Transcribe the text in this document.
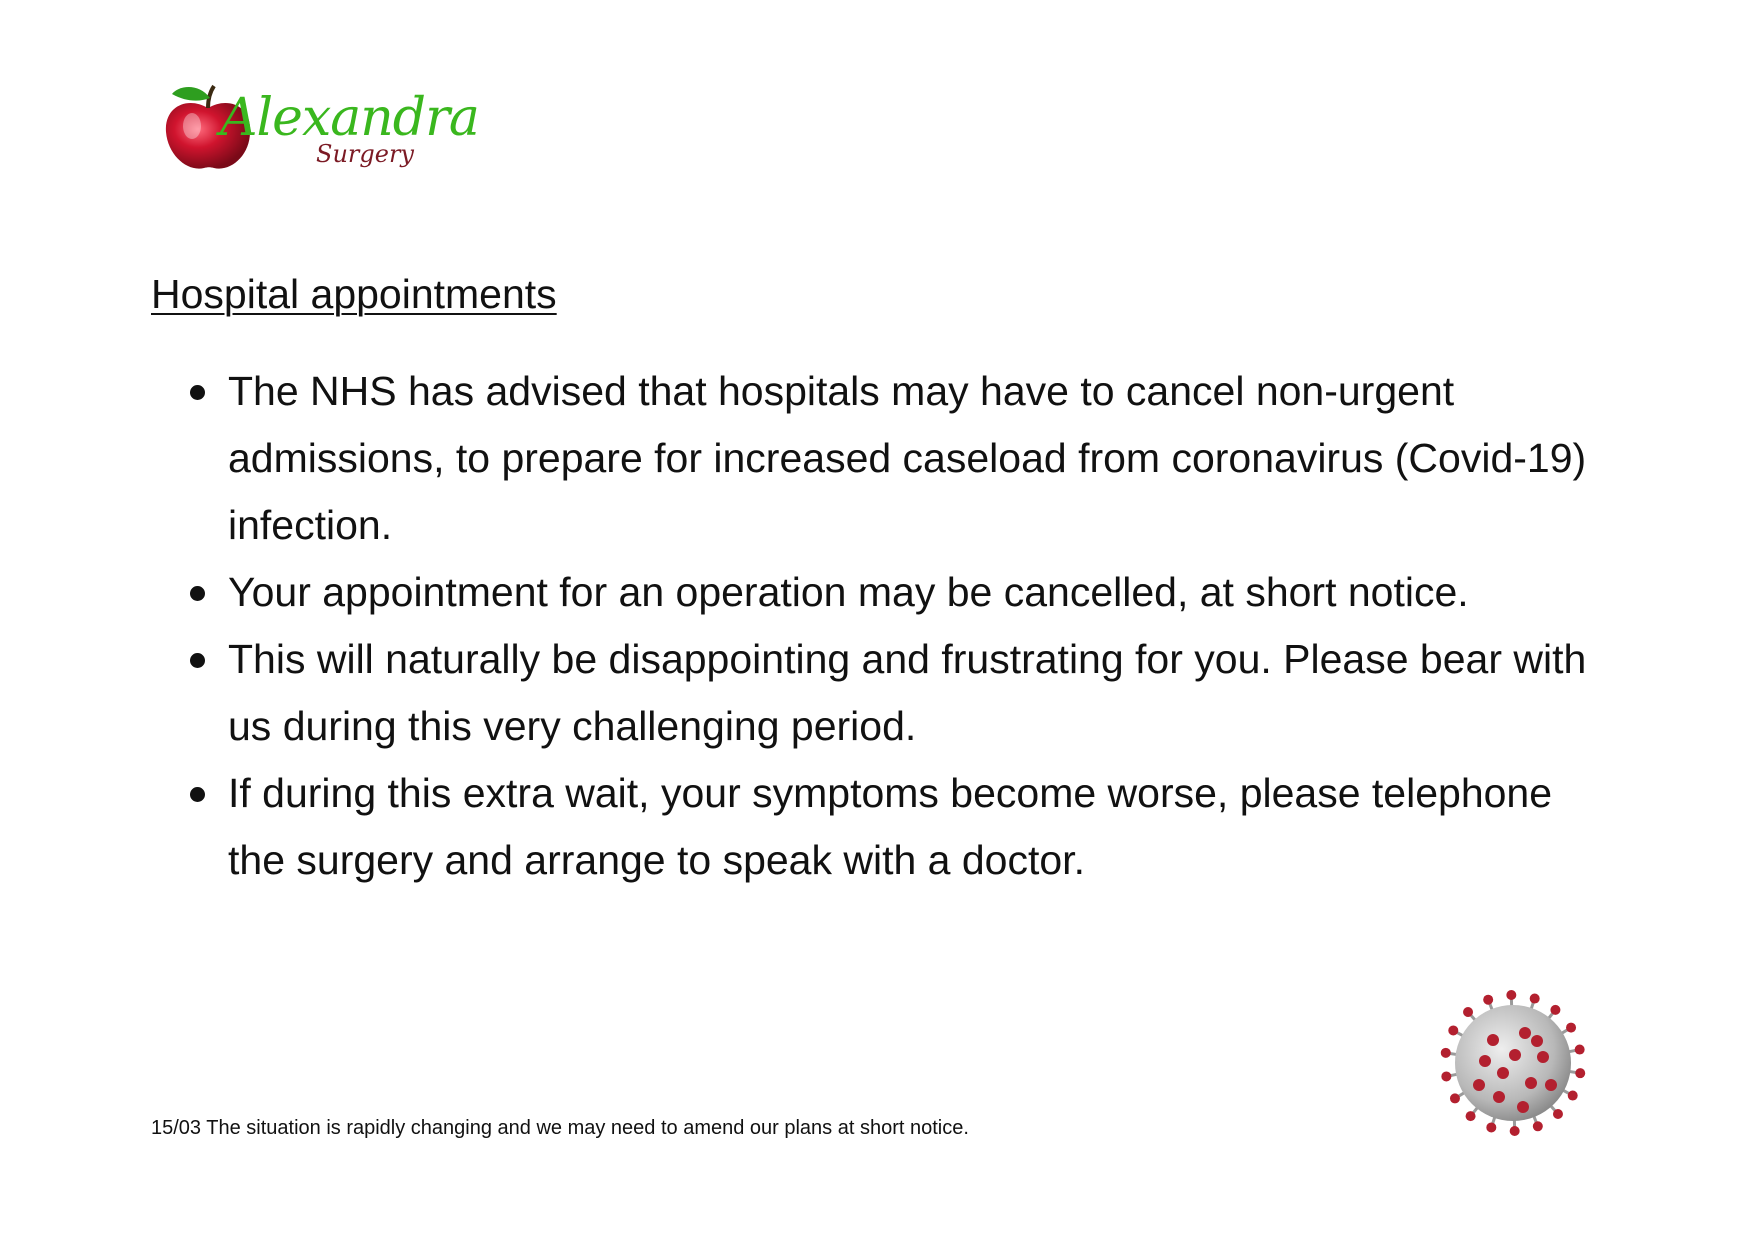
Alexandra
Surgery
Hospital appointments
The NHS has advised that hospitals may have to cancel non-urgent admissions, to prepare for increased caseload from coronavirus (Covid-19) infection.
Your appointment for an operation may be cancelled, at short notice.
This will naturally be disappointing and frustrating for you. Please bear with us during this very challenging period.
If during this extra wait, your symptoms become worse, please telephone the surgery and arrange to speak with a doctor.
15/03 The situation is rapidly changing and we may need to amend our plans at short notice.
